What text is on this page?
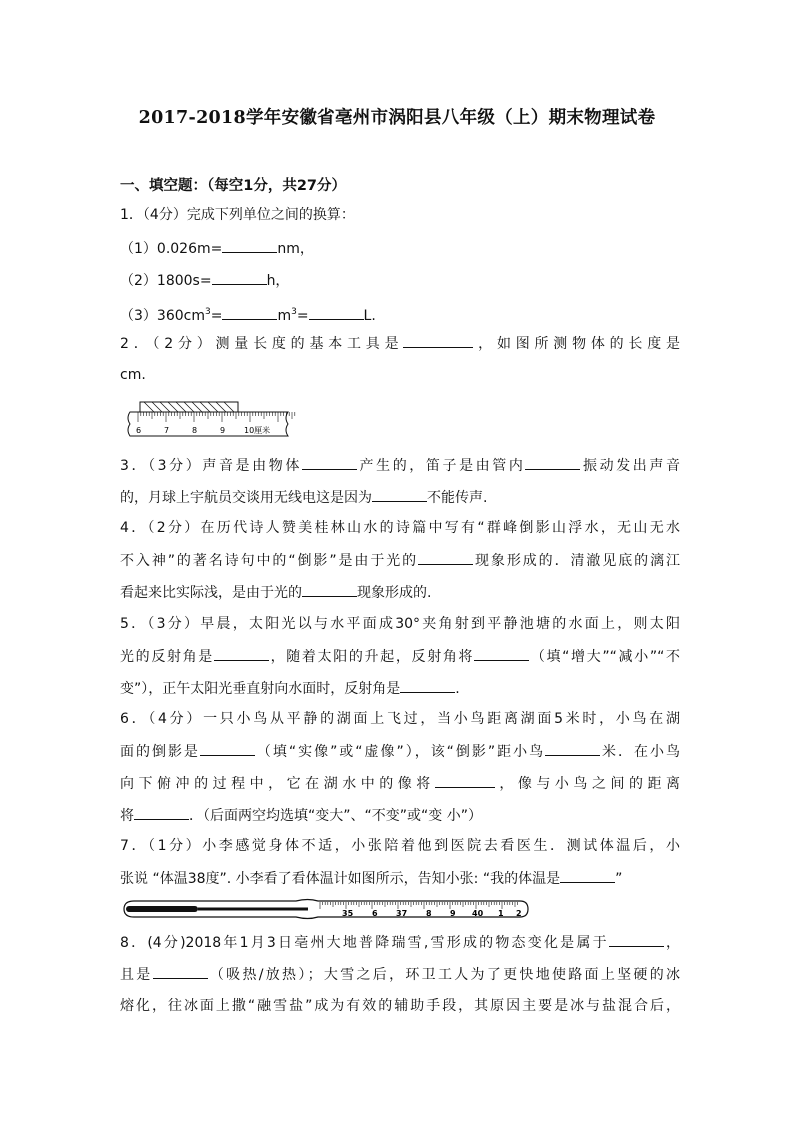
2017-2018学年安徽省亳州市涡阳县八年级（上）期末物理试卷
一、填空题：（每空1分，共27分）
1．（4分）完成下列单位之间的换算：
（1）0.026m=	nm，
（2）1800s=	h，
$(3)360cm^3=$	$m^3=$	L.
2．（2分）测量长度的基本工具是	，如图所测物体的长度是
cm.
6	7	8	9 10厘米
3．（3分）声音是由物体	产生的，笛子是由管内	振动发出声音
的，月球上宇航员交谈用无线电这是因为	不能传声.
4．（2分）在历代诗人赞美桂林山水的诗篇中写有“群峰倒影山浮水，无山无水
不入神”的著名诗句中的“倒影”是由于光的	现象形成的．清澈见底的漓江
看起来比实际浅，是由于光的	现象形成的.
5．（3分）早晨，太阳光以与水平面成30°夹角射到平静池塘的水面上，则太阳
光的反射角是	，随着太阳的升起，反射角将	（填“增大”“减小”“不
变”），正午太阳光垂直射向水面时，反射角是	.
6．（4分）一只小鸟从平静的湖面上飞过，当小鸟距离湖面5米时，小鸟在湖
面的倒影是	（填“实像”或“虚像”），该“倒影”距小鸟	米．在小鸟
向下俯冲的过程中，它在湖水中的像将	，像与小鸟之间的距离
将	．（后面两空均选填“变大”、“不变”或“变 小”）
7．（1分）小李感觉身体不适，小张陪着他到医院去看医生．测试体温后，小
张说 “体温38度”. 小李看了看体温计如图所示，告知小张: “我的体温是	”
35 6 37 8 9 40 1 2
8．(4分)2018年1月3日亳州大地普降瑞雪,雪形成的物态变化是属于	，
且是	（吸热/放热）；大雪之后，环卫工人为了更快地使路面上坚硬的冰
熔化，往冰面上撒“融雪盐”成为有效的辅助手段，其原因主要是冰与盐混合后，
